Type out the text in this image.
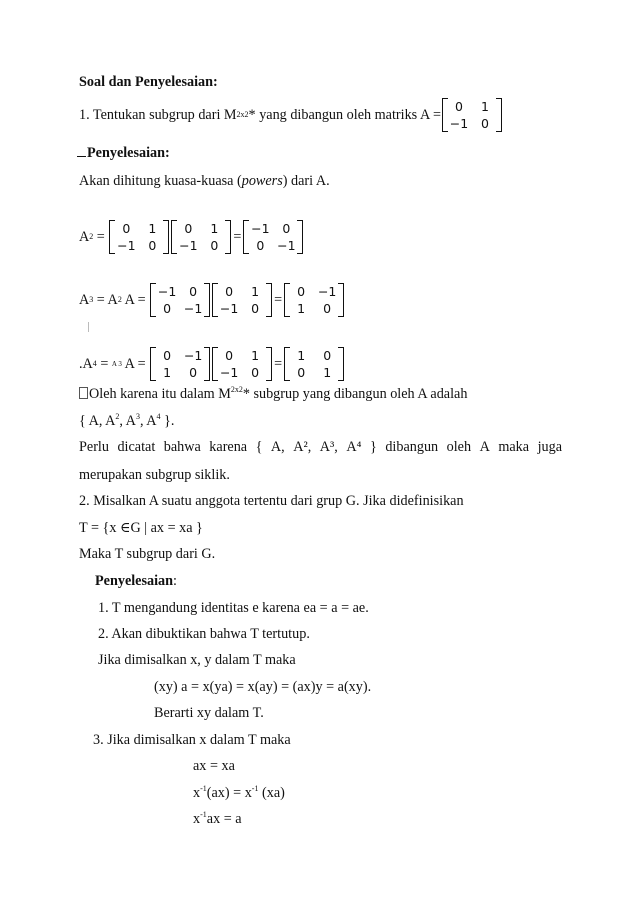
Soal dan Penyelesaian:
1. Tentukan subgrup dari M 2x2 * yang dibangun oleh matriks A =
0	1
−1	0
Penyelesaian:
Akan dihitung kuasa-kuasa (powers) dari A.
A 2 =
0	1
−1	0
0	1
−1	0
=
−1	0
0	−1
A 3 = A 2 A =
−1	0
0	−1
0	1
−1	0
=
0	−1
1	0
.A 4 = A 3 A =
0	−1
1	0
0	1
−1	0
=
1	0
0	1
Oleh karena itu dalam $M^{2x2}*$ subgrup yang dibangun oleh A adalah
{ A, $A^2$, $A^3$, $A^4$ }.
Perlu dicatat bahwa karena { A, A², A³, A⁴ } dibangun oleh A maka juga
merupakan subgrup siklik.
2. Misalkan A suatu anggota tertentu dari grup G. Jika didefinisikan
T = {x ∈G | ax = xa }
Maka T subgrup dari G.
Penyelesaian:
1. T mengandung identitas e karena ea = a = ae.
2. Akan dibuktikan bahwa T tertutup.
Jika dimisalkan x, y dalam T maka
(xy) a = x(ya) = x(ay) = (ax)y = a(xy).
Berarti xy dalam T.
3. Jika dimisalkan x dalam T maka
ax = xa
$x^{-1}(ax) = x^{-1}$ (xa)
$x^{-1}ax = a$
